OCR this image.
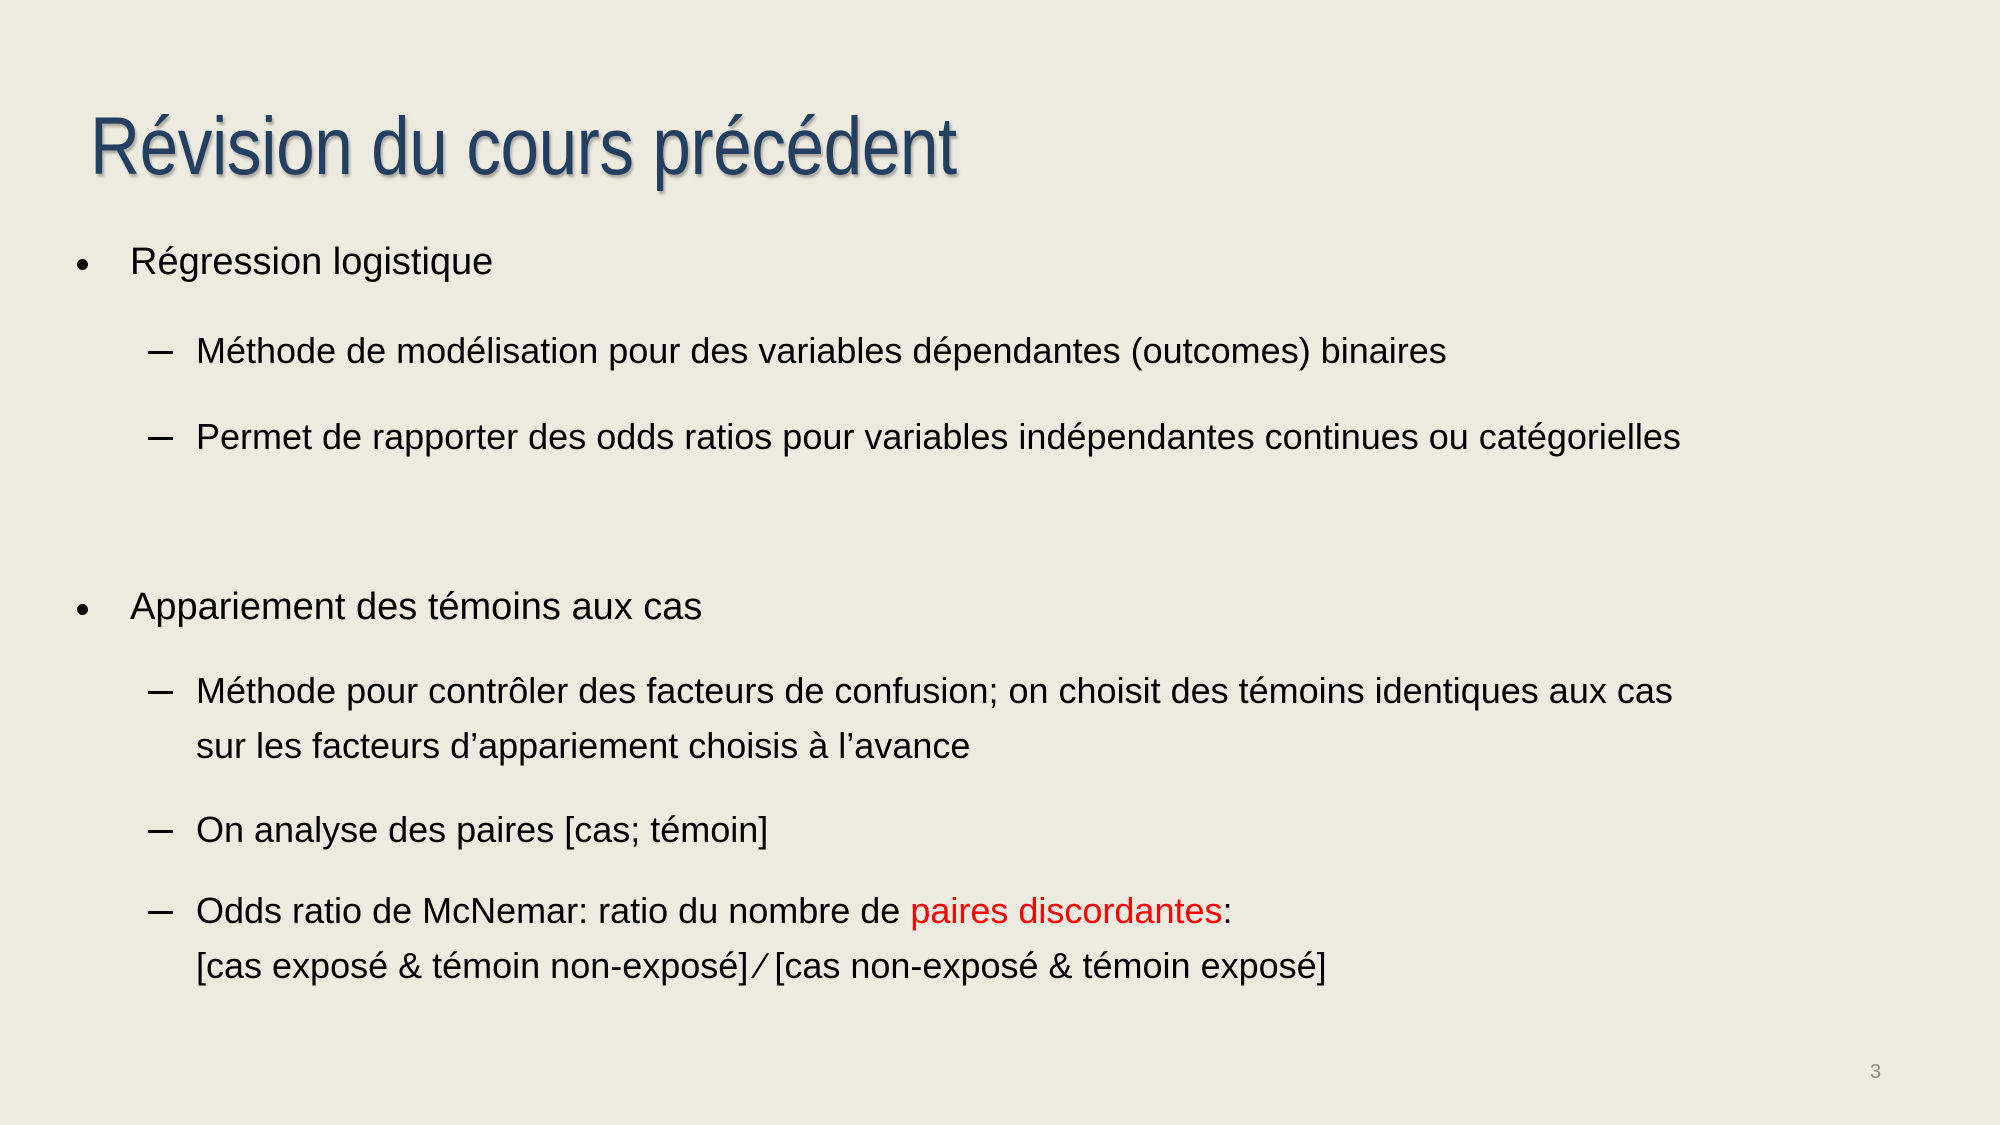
Révision du cours précédent
Régression logistique
Méthode de modélisation pour des variables dépendantes (outcomes) binaires
Permet de rapporter des odds ratios pour variables indépendantes continues ou catégorielles
Appariement des témoins aux cas
Méthode pour contrôler des facteurs de confusion; on choisit des témoins identiques aux cas
sur les facteurs d’appariement choisis à l’avance
On analyse des paires [cas; témoin]
Odds ratio de McNemar: ratio du nombre de paires discordantes:
[cas exposé & témoin non-exposé] ∕ [cas non-exposé & témoin exposé]
3
